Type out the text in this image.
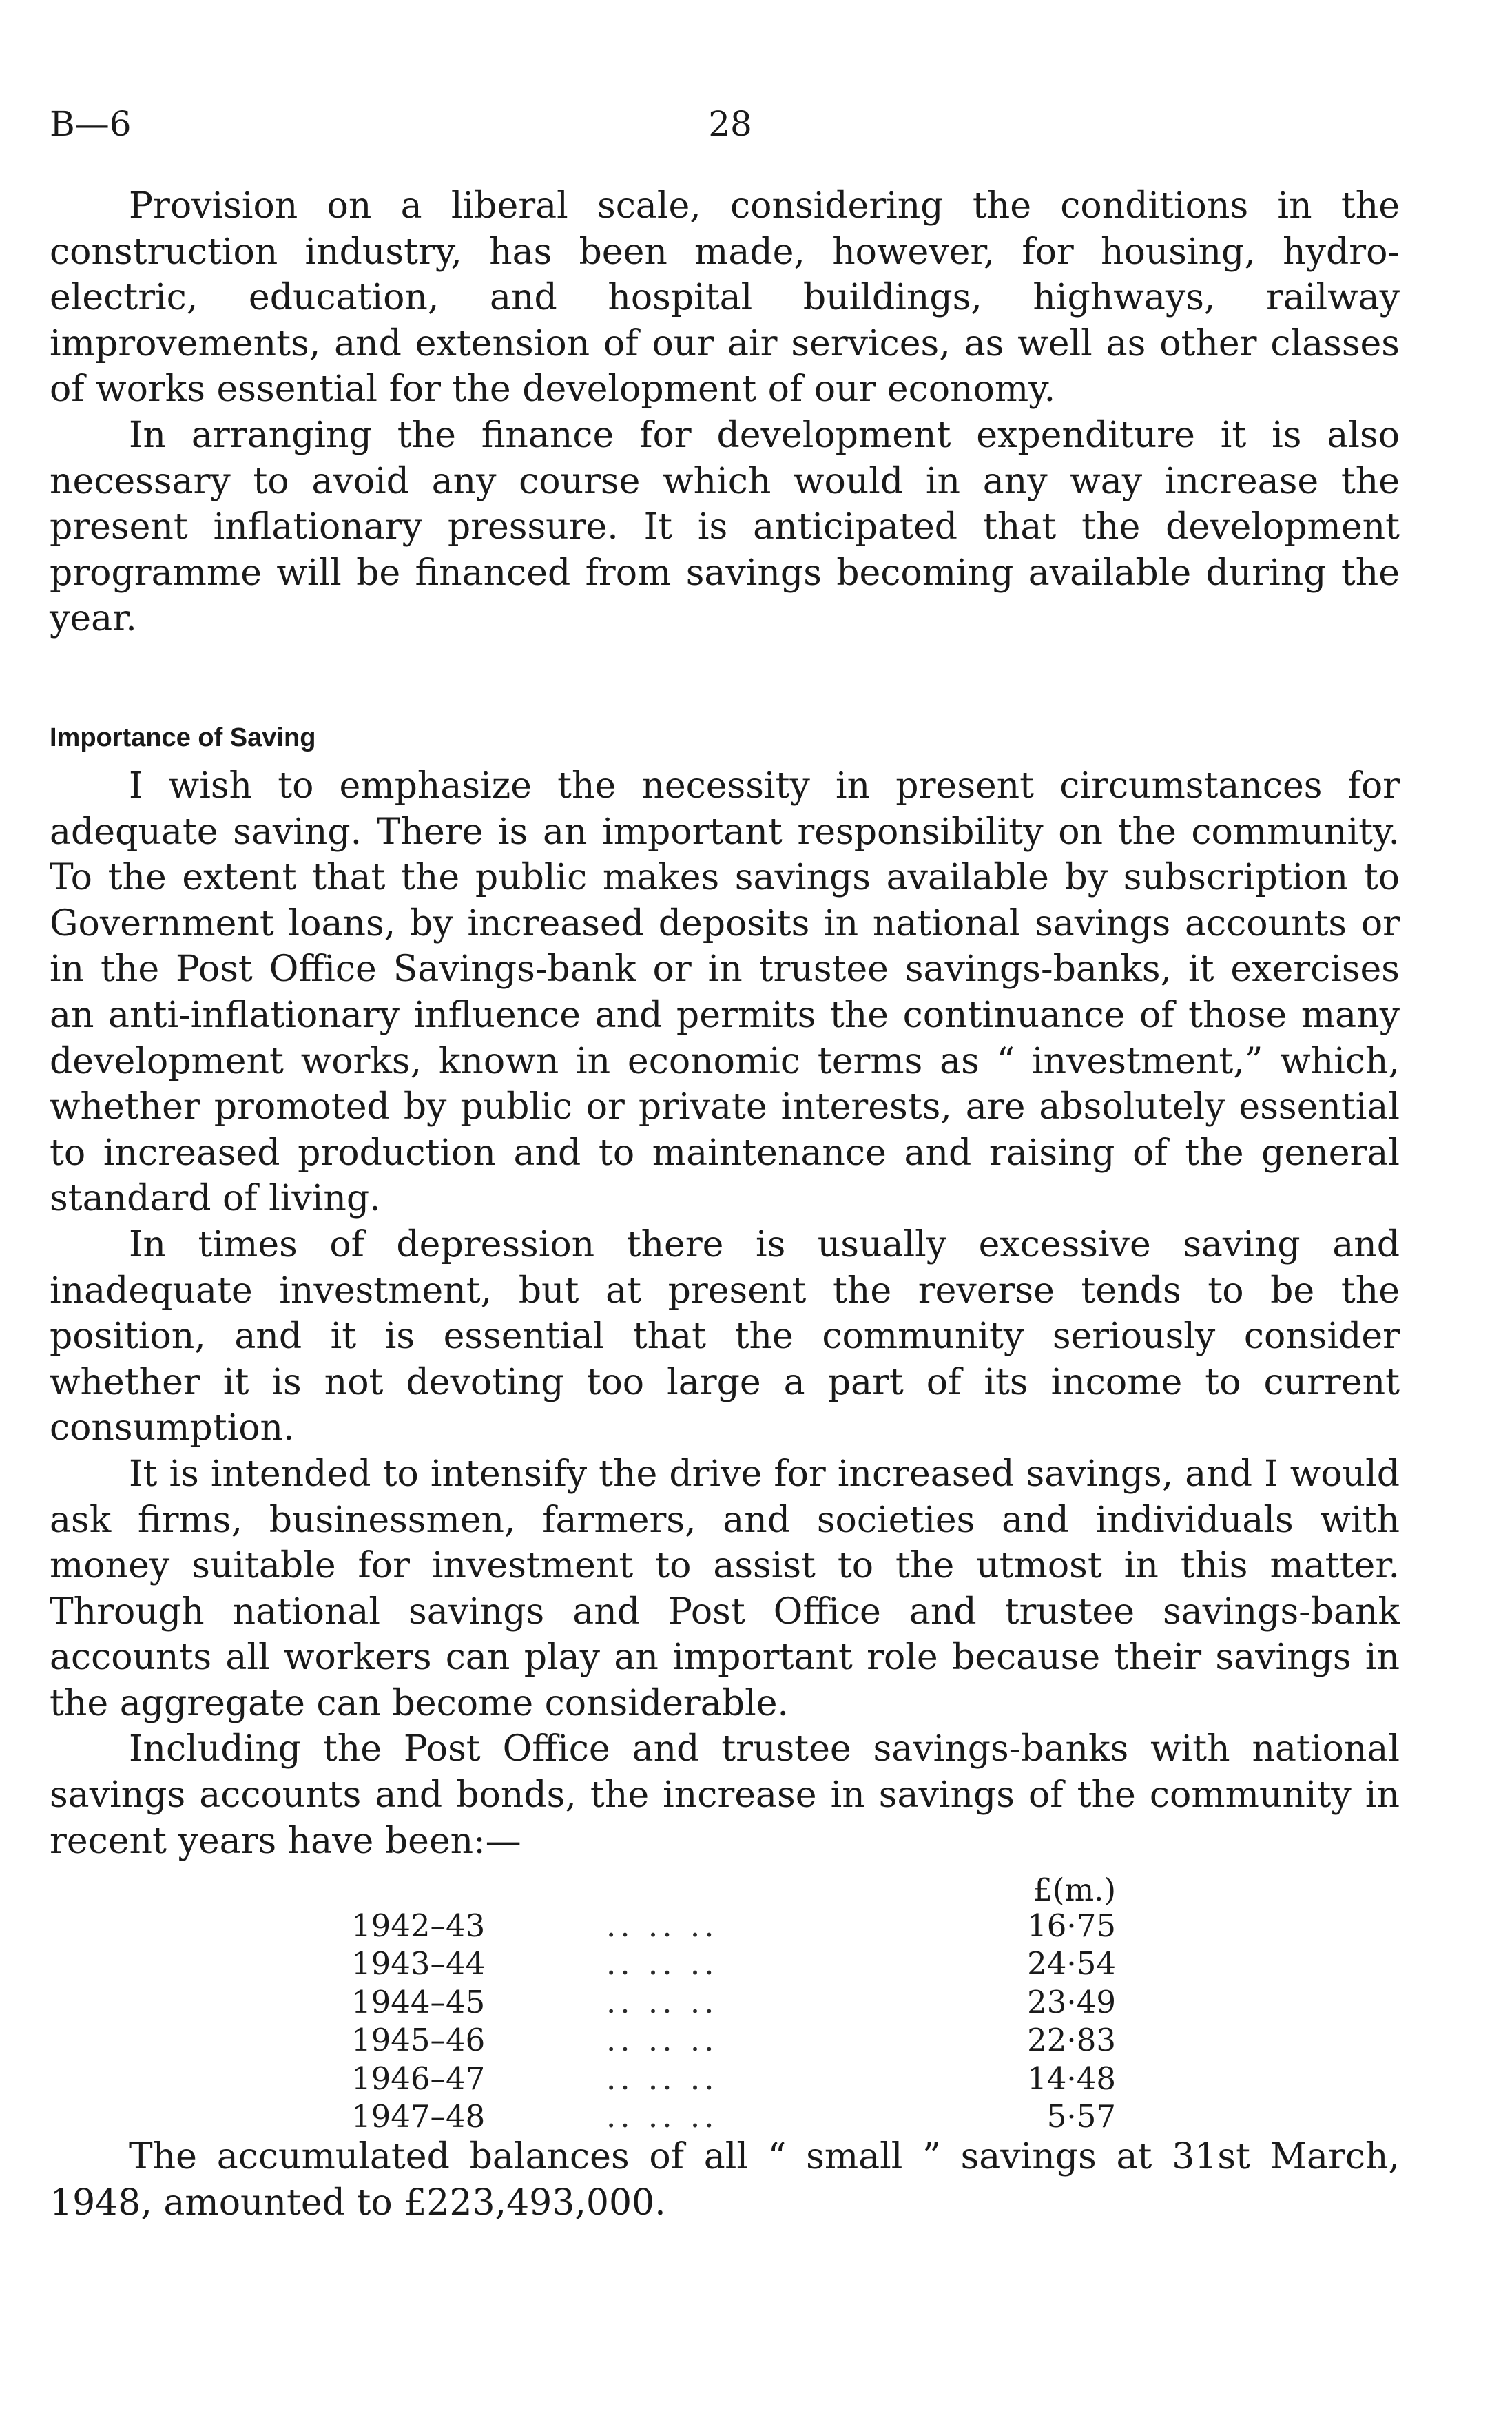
B—6	28

Provision on a liberal scale, considering the conditions in the construction industry, has been made, however, for housing, hydro-electric, education, and hospital buildings, highways, railway improvements, and extension of our air services, as well as other classes of works essential for the development of our economy.

In arranging the finance for development expenditure it is also necessary to avoid any course which would in any way increase the present inflationary pressure. It is anticipated that the development programme will be financed from savings becoming available during the year.

Importance of Saving

I wish to emphasize the necessity in present circumstances for adequate saving. There is an important responsibility on the community. To the extent that the public makes savings available by subscription to Government loans, by increased deposits in national savings accounts or in the Post Office Savings-bank or in trustee savings-banks, it exercises an anti-inflationary influence and permits the continuance of those many development works, known in economic terms as “ investment,” which, whether promoted by public or private interests, are absolutely essential to increased production and to maintenance and raising of the general standard of living.

In times of depression there is usually excessive saving and inadequate investment, but at present the reverse tends to be the position, and it is essential that the community seriously consider whether it is not devoting too large a part of its income to current consumption.

It is intended to intensify the drive for increased savings, and I would ask firms, businessmen, farmers, and societies and individuals with money suitable for investment to assist to the utmost in this matter. Through national savings and Post Office and trustee savings-bank accounts all workers can play an important role because their savings in the aggregate can become considerable.

Including the Post Office and trustee savings-banks with national savings accounts and bonds, the increase in savings of the community in recent years have been:—

£(m.)
1942–43	.. .. ..	16·75
1943–44	.. .. ..	24·54
1944–45	.. .. ..	23·49
1945–46	.. .. ..	22·83
1946–47	.. .. ..	14·48
1947–48	.. .. ..	5·57

The accumulated balances of all “ small ” savings at 31st March, 1948, amounted to £223,493,000.
